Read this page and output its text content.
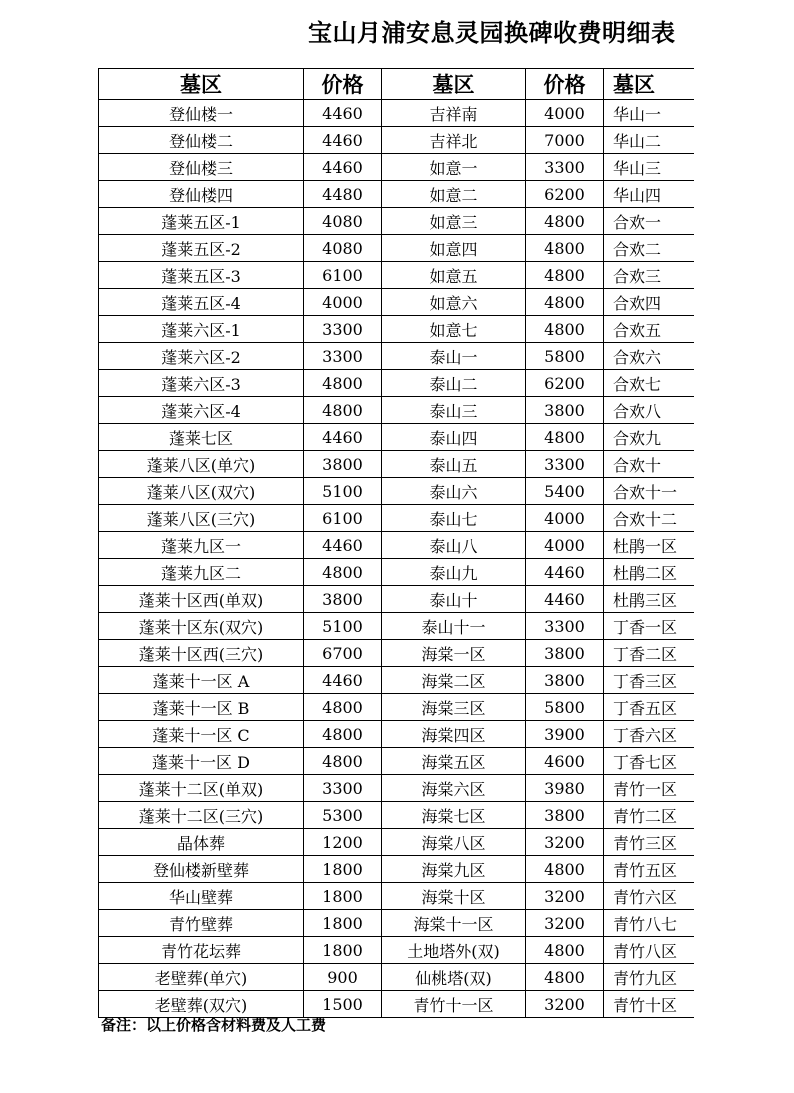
宝山月浦安息灵园换碑收费明细表
墓区	价格	墓区	价格	墓区
登仙楼一	4460	吉祥南	4000	华山一
登仙楼二	4460	吉祥北	7000	华山二
登仙楼三	4460	如意一	3300	华山三
登仙楼四	4480	如意二	6200	华山四
蓬莱五区-1	4080	如意三	4800	合欢一
蓬莱五区-2	4080	如意四	4800	合欢二
蓬莱五区-3	6100	如意五	4800	合欢三
蓬莱五区-4	4000	如意六	4800	合欢四
蓬莱六区-1	3300	如意七	4800	合欢五
蓬莱六区-2	3300	泰山一	5800	合欢六
蓬莱六区-3	4800	泰山二	6200	合欢七
蓬莱六区-4	4800	泰山三	3800	合欢八
蓬莱七区	4460	泰山四	4800	合欢九
蓬莱八区(单穴)	3800	泰山五	3300	合欢十
蓬莱八区(双穴)	5100	泰山六	5400	合欢十一
蓬莱八区(三穴)	6100	泰山七	4000	合欢十二
蓬莱九区一	4460	泰山八	4000	杜鹃一区
蓬莱九区二	4800	泰山九	4460	杜鹃二区
蓬莱十区西(单双)	3800	泰山十	4460	杜鹃三区
蓬莱十区东(双穴)	5100	泰山十一	3300	丁香一区
蓬莱十区西(三穴)	6700	海棠一区	3800	丁香二区
蓬莱十一区 A	4460	海棠二区	3800	丁香三区
蓬莱十一区 B	4800	海棠三区	5800	丁香五区
蓬莱十一区 C	4800	海棠四区	3900	丁香六区
蓬莱十一区 D	4800	海棠五区	4600	丁香七区
蓬莱十二区(单双)	3300	海棠六区	3980	青竹一区
蓬莱十二区(三穴)	5300	海棠七区	3800	青竹二区
晶体葬	1200	海棠八区	3200	青竹三区
登仙楼新壁葬	1800	海棠九区	4800	青竹五区
华山壁葬	1800	海棠十区	3200	青竹六区
青竹壁葬	1800	海棠十一区	3200	青竹八七
青竹花坛葬	1800	土地塔外(双)	4800	青竹八区
老壁葬(单穴)	900	仙桃塔(双)	4800	青竹九区
老壁葬(双穴)	1500	青竹十一区	3200	青竹十区
备注：以上价格含材料费及人工费
